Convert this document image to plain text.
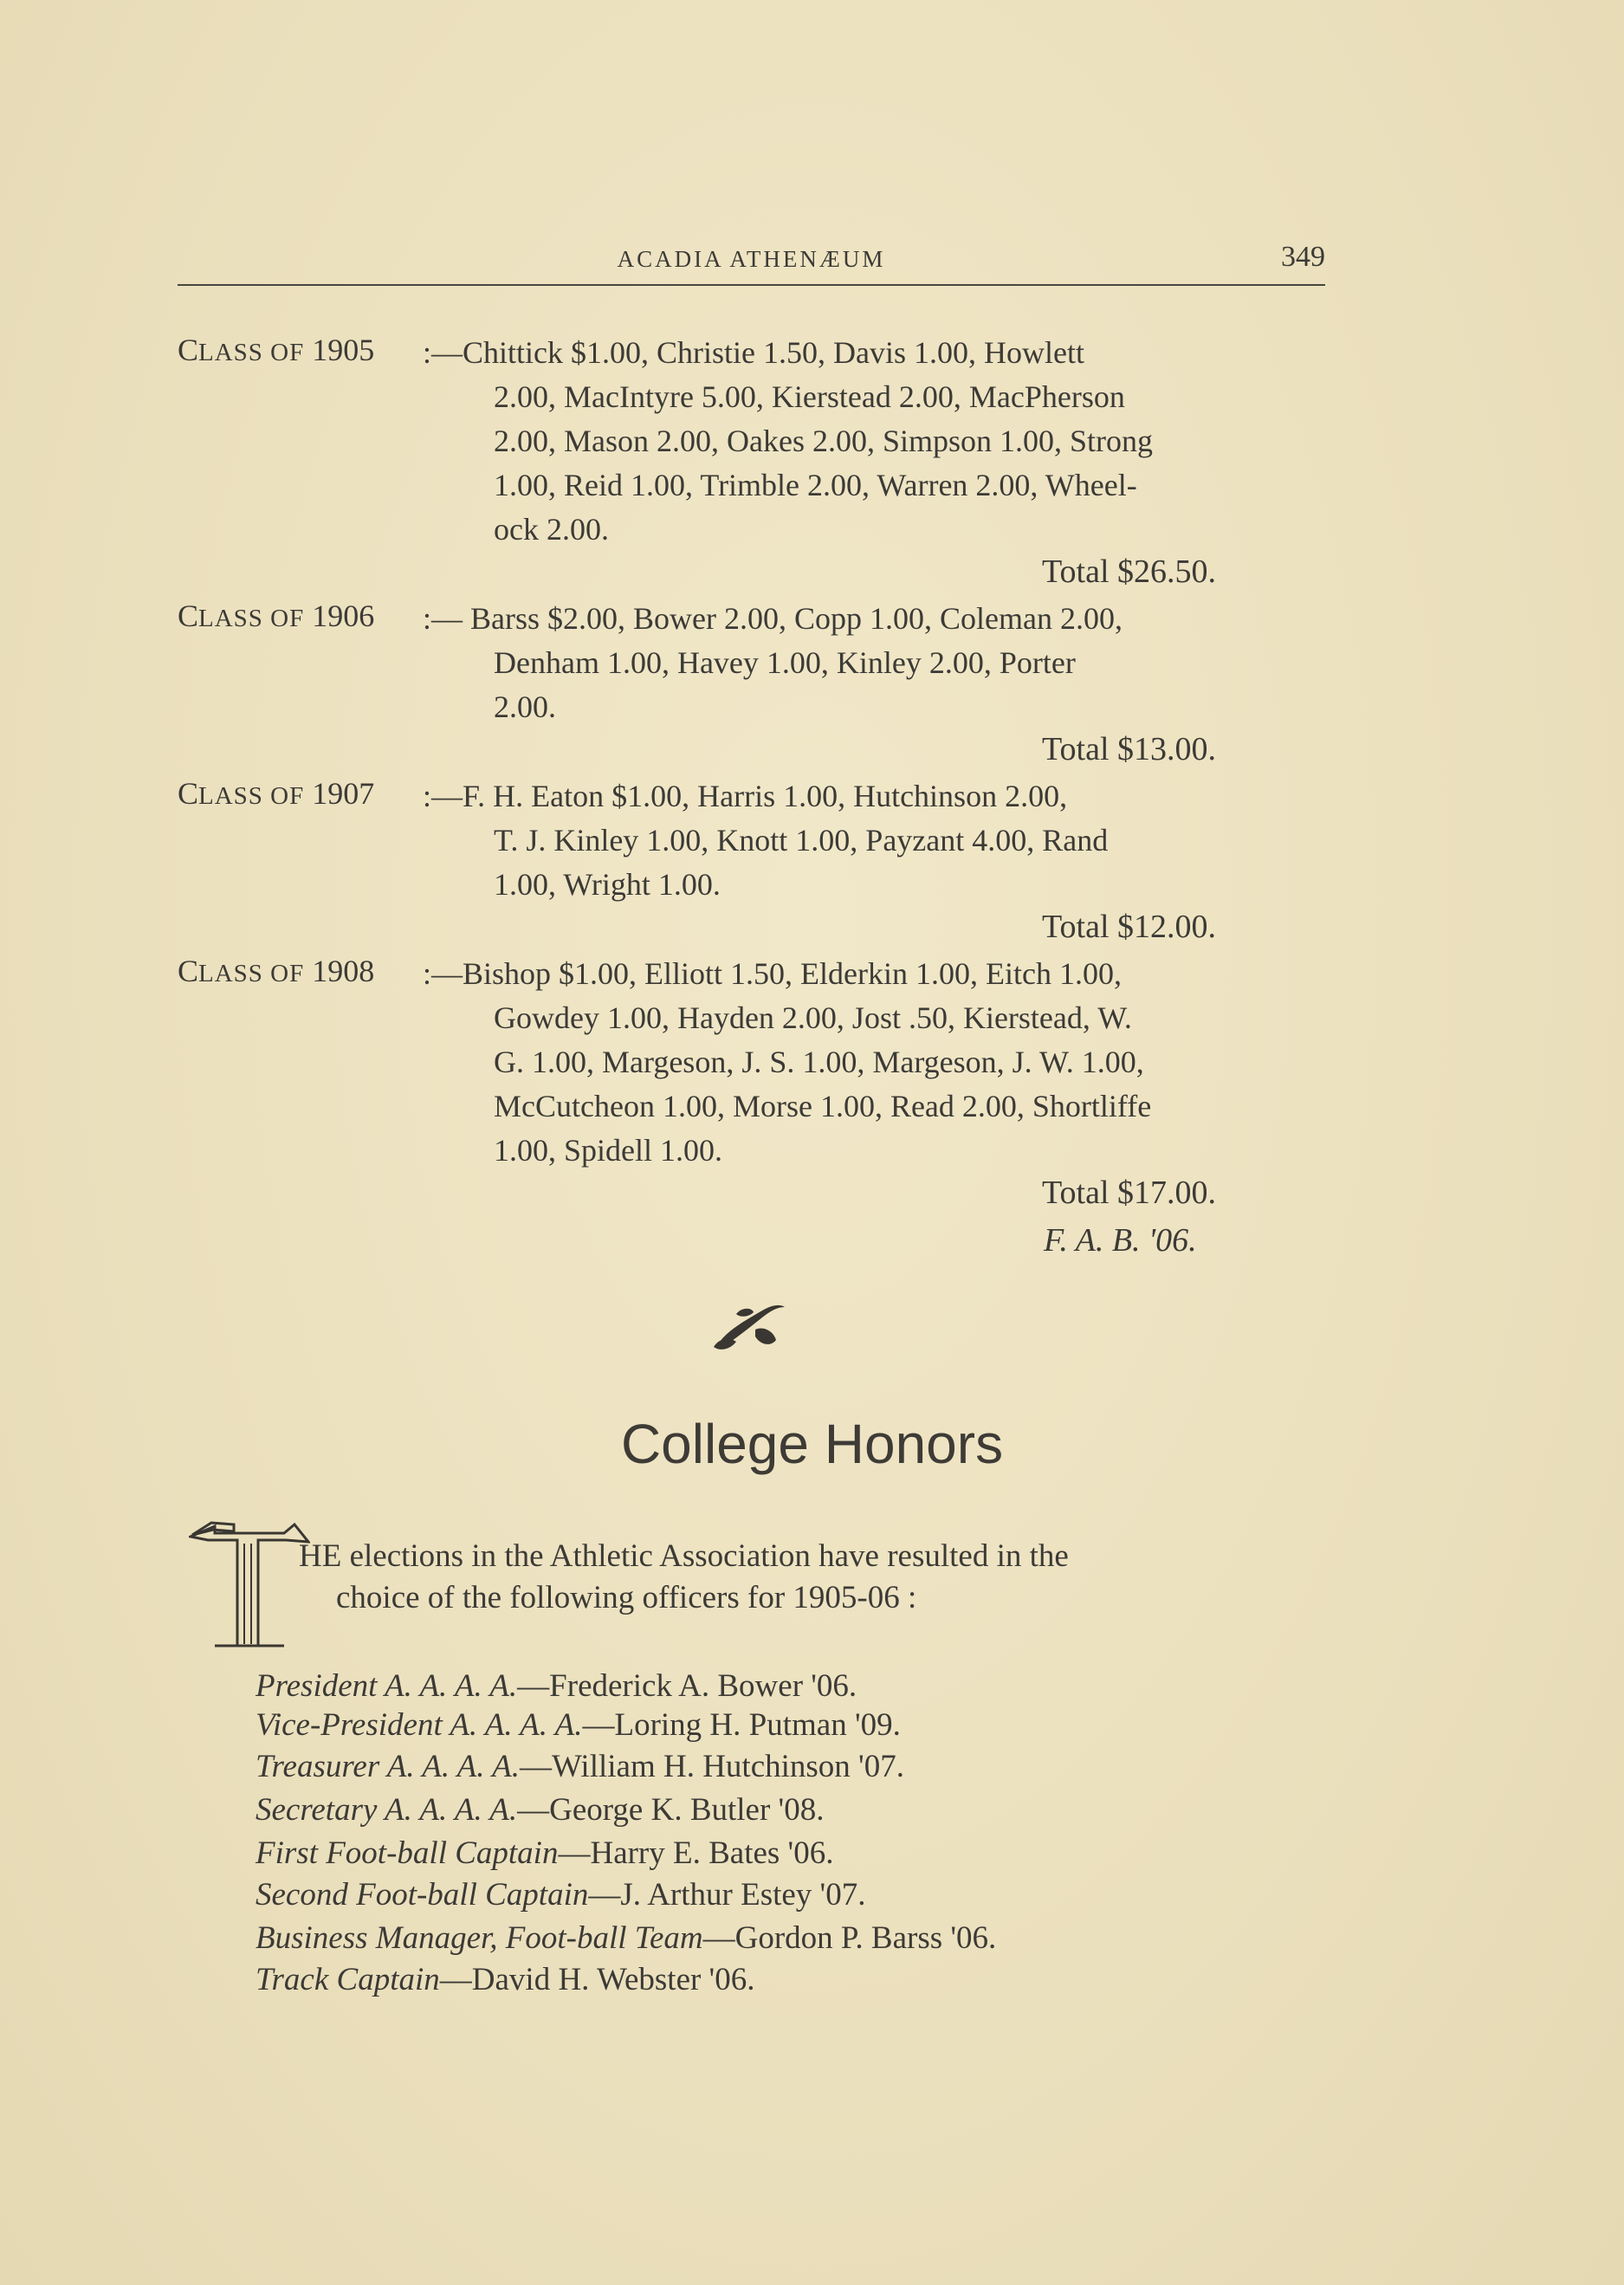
ACADIA ATHENÆUM	349
CLASS OF 1905 :—Chittick $1.00, Christie 1.50, Davis 1.00, Howlett
2.00, MacIntyre 5.00, Kierstead 2.00, MacPherson
2.00, Mason 2.00, Oakes 2.00, Simpson 1.00, Strong
1.00, Reid 1.00, Trimble 2.00, Warren 2.00, Wheel-
ock 2.00.
Total $26.50.
CLASS OF 1906 :— Barss $2.00, Bower 2.00, Copp 1.00, Coleman 2.00,
Denham 1.00, Havey 1.00, Kinley 2.00, Porter
2.00.
Total $13.00.
CLASS OF 1907 :—F. H. Eaton $1.00, Harris 1.00, Hutchinson 2.00,
T. J. Kinley 1.00, Knott 1.00, Payzant 4.00, Rand
1.00, Wright 1.00.
Total $12.00.
CLASS OF 1908 :—Bishop $1.00, Elliott 1.50, Elderkin 1.00, Eitch 1.00,
Gowdey 1.00, Hayden 2.00, Jost .50, Kierstead, W.
G. 1.00, Margeson, J. S. 1.00, Margeson, J. W. 1.00,
McCutcheon 1.00, Morse 1.00, Read 2.00, Shortliffe
1.00, Spidell 1.00.
Total $17.00.
F. A. B. '06.
College Honors
HE elections in the Athletic Association have resulted in the
choice of the following officers for 1905-06 :
President A. A. A. A.—Frederick A. Bower '06.
Vice-President A. A. A. A.—Loring H. Putman '09.
Treasurer A. A. A. A.—William H. Hutchinson '07.
Secretary A. A. A. A.—George K. Butler '08.
First Foot-ball Captain—Harry E. Bates '06.
Second Foot-ball Captain—J. Arthur Estey '07.
Business Manager, Foot-ball Team—Gordon P. Barss '06.
Track Captain—David H. Webster '06.
